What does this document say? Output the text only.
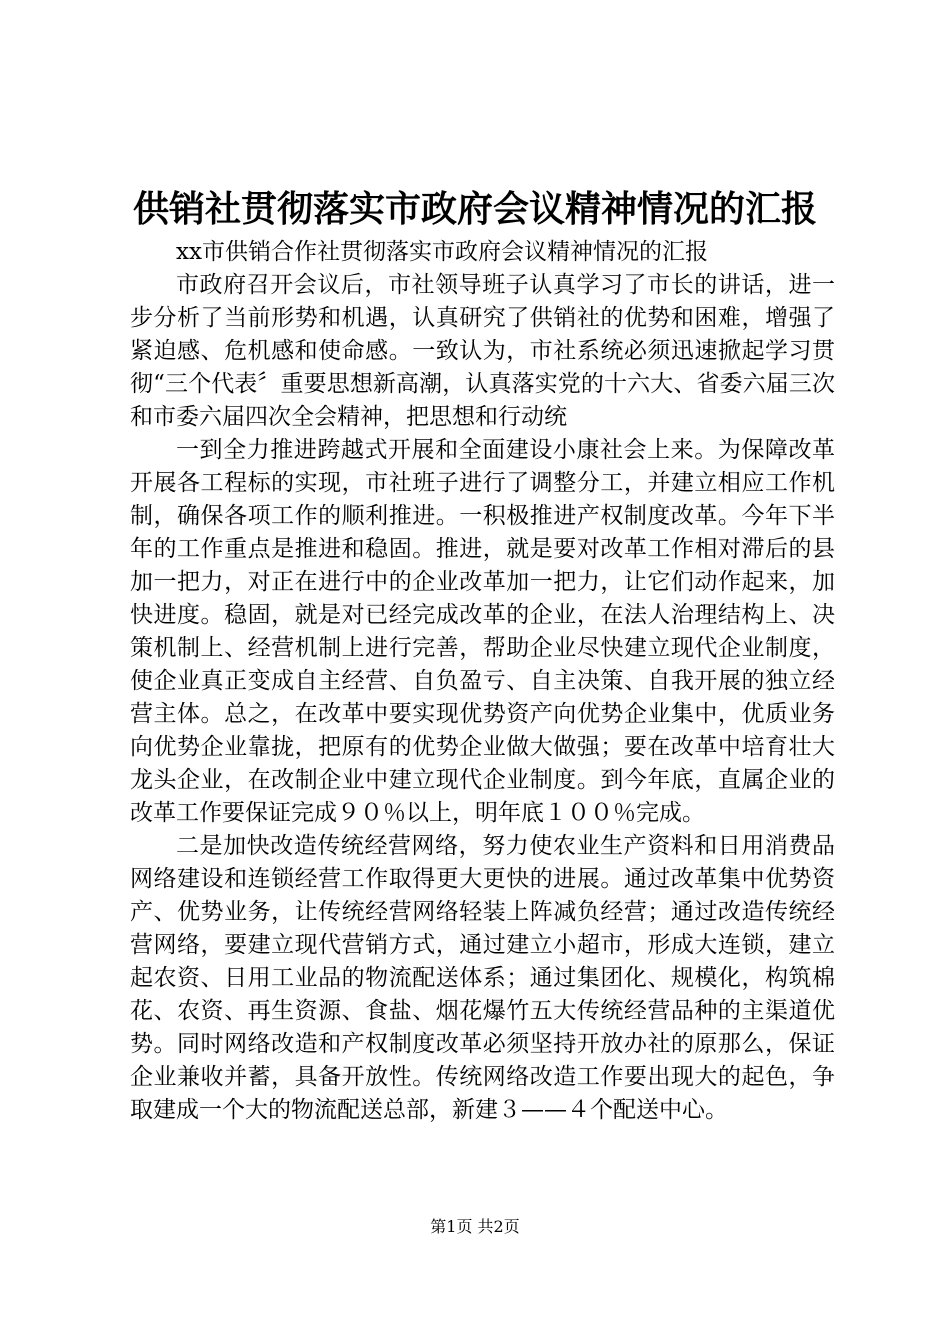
供销社贯彻落实市政府会议精神情况的汇报

xx市供销合作社贯彻落实市政府会议精神情况的汇报

市政府召开会议后，市社领导班子认真学习了市长的讲话，进一步分析了当前形势和机遇，认真研究了供销社的优势和困难，增强了紧迫感、危机感和使命感。一致认为，市社系统必须迅速掀起学习贯彻“三个代表〞重要思想新高潮，认真落实党的十六大、省委六届三次和市委六届四次全会精神，把思想和行动统

一到全力推进跨越式开展和全面建设小康社会上来。为保障改革开展各工程标的实现，市社班子进行了调整分工，并建立相应工作机制，确保各项工作的顺利推进。一积极推进产权制度改革。今年下半年的工作重点是推进和稳固。推进，就是要对改革工作相对滞后的县加一把力，对正在进行中的企业改革加一把力，让它们动作起来，加快进度。稳固，就是对已经完成改革的企业，在法人治理结构上、决策机制上、经营机制上进行完善，帮助企业尽快建立现代企业制度，使企业真正变成自主经营、自负盈亏、自主决策、自我开展的独立经营主体。总之，在改革中要实现优势资产向优势企业集中，优质业务向优势企业靠拢，把原有的优势企业做大做强；要在改革中培育壮大龙头企业，在改制企业中建立现代企业制度。到今年底，直属企业的改革工作要保证完成９０％以上，明年底１００％完成。

二是加快改造传统经营网络，努力使农业生产资料和日用消费品网络建设和连锁经营工作取得更大更快的进展。通过改革集中优势资产、优势业务，让传统经营网络轻装上阵减负经营；通过改造传统经营网络，要建立现代营销方式，通过建立小超市，形成大连锁，建立起农资、日用工业品的物流配送体系；通过集团化、规模化，构筑棉花、农资、再生资源、食盐、烟花爆竹五大传统经营品种的主渠道优势。同时网络改造和产权制度改革必须坚持开放办社的原那么，保证企业兼收并蓄，具备开放性。传统网络改造工作要出现大的起色，争取建成一个大的物流配送总部，新建３——４个配送中心。

第1页 共2页
